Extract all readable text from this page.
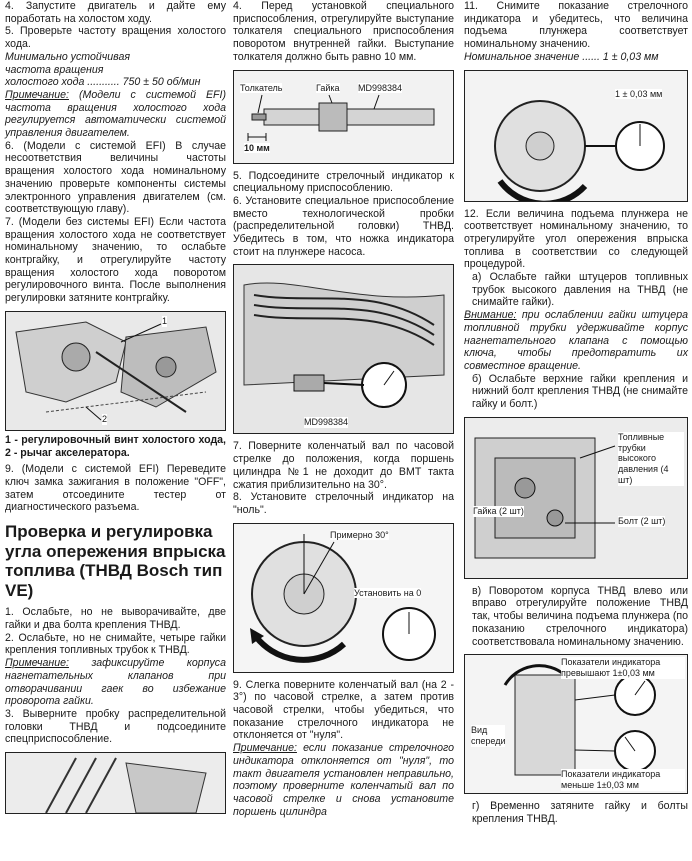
4. Запустите двигатель и дайте ему поработать на холостом ходу.

5. Проверьте частоту вращения холостого хода.

Минимально устойчивая

частота вращения

холостого хода ........... 750 ± 50 об/мин

Примечание: (Модели с системой EFI) частота вращения холостого хода регулируется автоматически системой управления двигателем.

6. (Модели с системой EFI) В случае несоответствия величины частоты вращения холостого хода номинальному значению проверьте компоненты системы электронного управления двигателем (см. соответствующую главу).

7. (Модели без системы EFI) Если частота вращения холостого хода не соответствует номинальному значению, то ослабьте контргайку, и отрегулируйте частоту вращения холостого хода поворотом регулировочного винта. После выполнения регулировки затяните контргайку.

1
2

1 - регулировочный винт холостого хода, 2 - рычаг акселератора.

9. (Модели с системой EFI) Переведите ключ замка зажигания в положение "OFF", затем отсоедините тестер от диагностического разъема.

Проверка и регулировка угла опережения впрыска топлива (ТНВД Bosch тип VE)

1. Ослабьте, но не выворачивайте, две гайки и два болта крепления ТНВД.

2. Ослабьте, но не снимайте, четыре гайки крепления топливных трубок к ТНВД.

Примечание: зафиксируйте корпуса нагнетательных клапанов при отворачивании гаек во избежание проворота гайки.

3. Выверните пробку распределительной головки ТНВД и подсоедините спецприспособление.

4. Перед установкой специального приспособления, отрегулируйте выступание толкателя специального приспособления поворотом внутренней гайки. Выступание толкателя должно быть равно 10 мм.

Толкатель	Гайка MD998384
10 мм

5. Подсоедините стрелочный индикатор к специальному приспособлению.

6. Установите специальное приспособление вместо технологической пробки (распределительной головки) ТНВД. Убедитесь в том, что ножка индикатора стоит на плунжере насоса.

MD998384

7. Поверните коленчатый вал по часовой стрелке до положения, когда поршень цилиндра №1 не доходит до ВМТ такта сжатия приблизительно на 30°.

8. Установите стрелочный индикатор на "ноль".

Примерно 30°
Установить на 0

9. Слегка поверните коленчатый вал (на 2 - 3°) по часовой стрелке, а затем против часовой стрелки, чтобы убедиться, что показание стрелочного индикатора не отклоняется от "нуля".

Примечание: если показание стрелочного индикатора отклоняется от "нуля", то такт двигателя установлен неправильно, поэтому проверните коленчатый вал по часовой стрелке и снова установите поршень цилиндра

11. Снимите показание стрелочного индикатора и убедитесь, что величина подъема плунжера соответствует номинальному значению.

Номинальное значение ...... 1 ± 0,03 мм

1 ± 0,03 мм

12. Если величина подъема плунжера не соответствует номинальному значению, то отрегулируйте угол опережения впрыска топлива в соответствии со следующей процедурой.

а) Ослабьте гайки штуцеров топливных трубок высокого давления на ТНВД (не снимайте гайки).

Внимание: при ослаблении гайки штуцера топливной трубки удерживайте корпус нагнетательного клапана с помощью ключа, чтобы предотвратить их совместное вращение.

б) Ослабьте верхние гайки крепления и нижний болт крепления ТНВД (не снимайте гайку и болт.)

Топливные трубки высокого давления (4 шт)
Гайка (2 шт)
Болт (2 шт)

в) Поворотом корпуса ТНВД влево или вправо отрегулируйте положение ТНВД так, чтобы величина подъема плунжера (по показанию стрелочного индикатора) соответствовала номинальному значению.

Показатели индикатора превышают 1±0,03 мм
Вид спереди
Показатели индикатора меньше 1±0,03 мм

г) Временно затяните гайку и болты крепления ТНВД.
